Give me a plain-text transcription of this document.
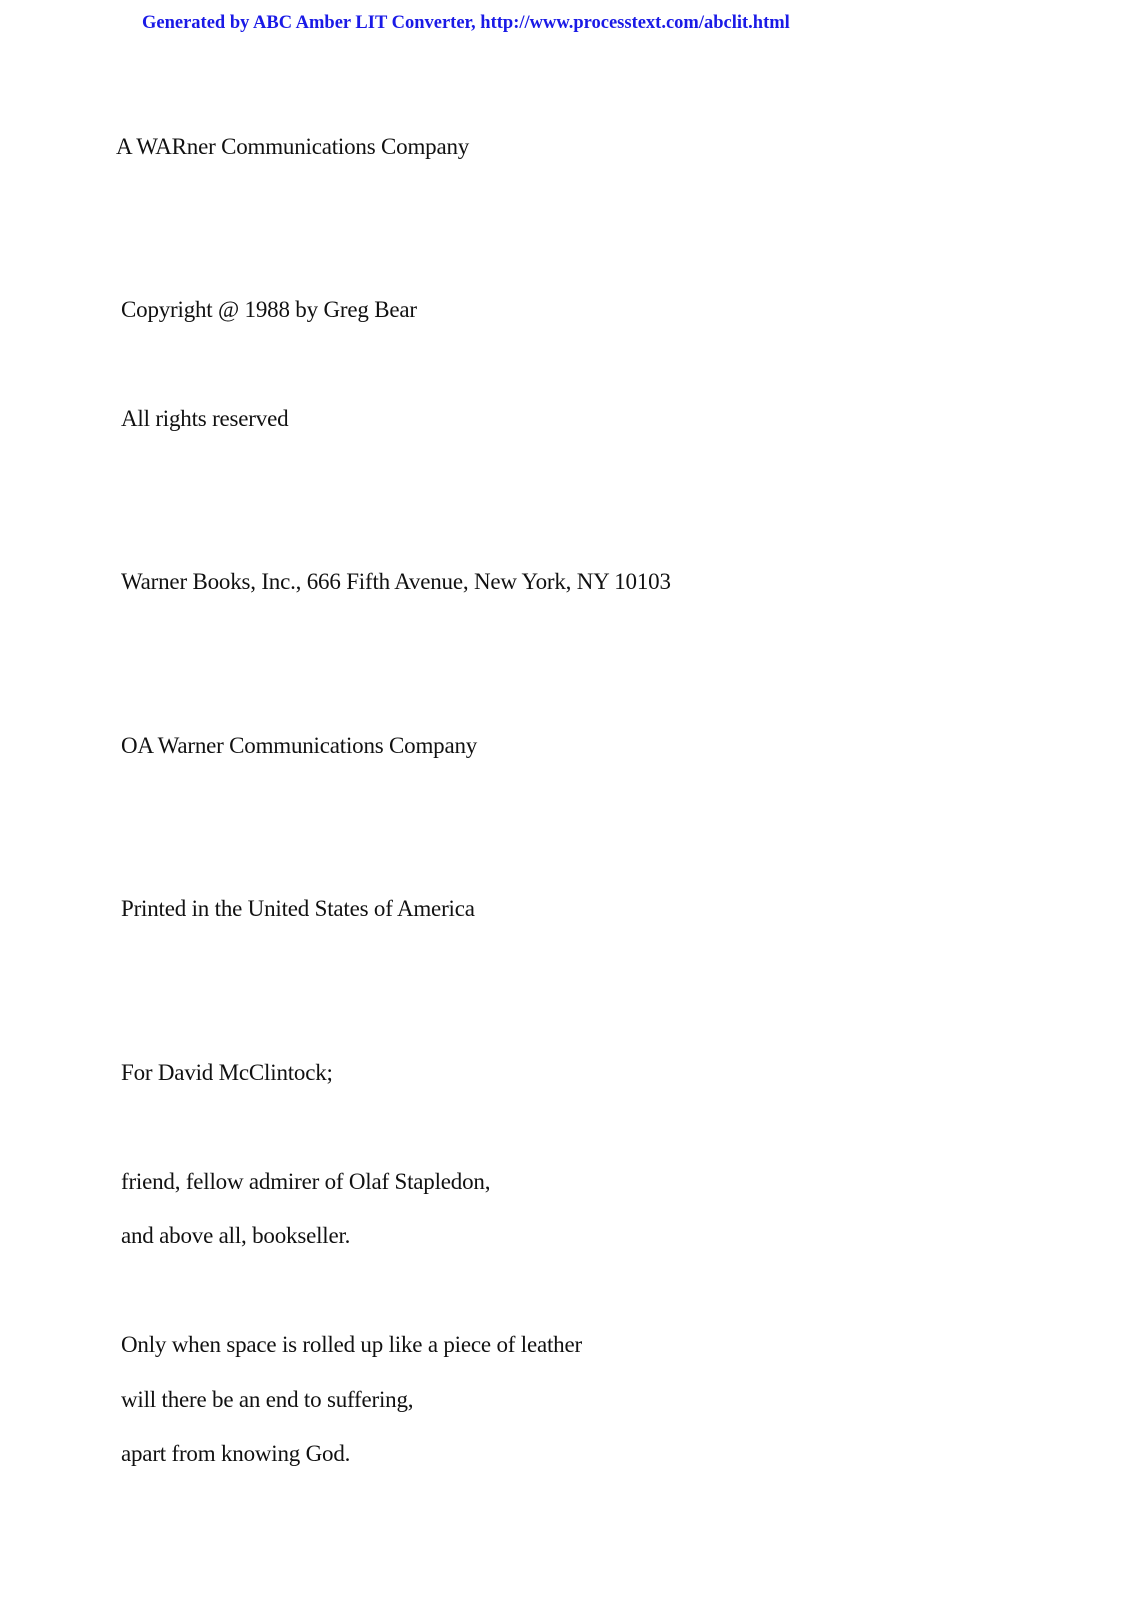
Generated by ABC Amber LIT Converter, http://www.processtext.com/abclit.html
A WARner Communications Company
Copyright @ 1988 by Greg Bear
All rights reserved
Warner Books, Inc., 666 Fifth Avenue, New York, NY 10103
OA Warner Communications Company
Printed in the United States of America
For David McClintock;
friend, fellow admirer of Olaf Stapledon,
and above all, bookseller.
Only when space is rolled up like a piece of leather
will there be an end to suffering,
apart from knowing God.
